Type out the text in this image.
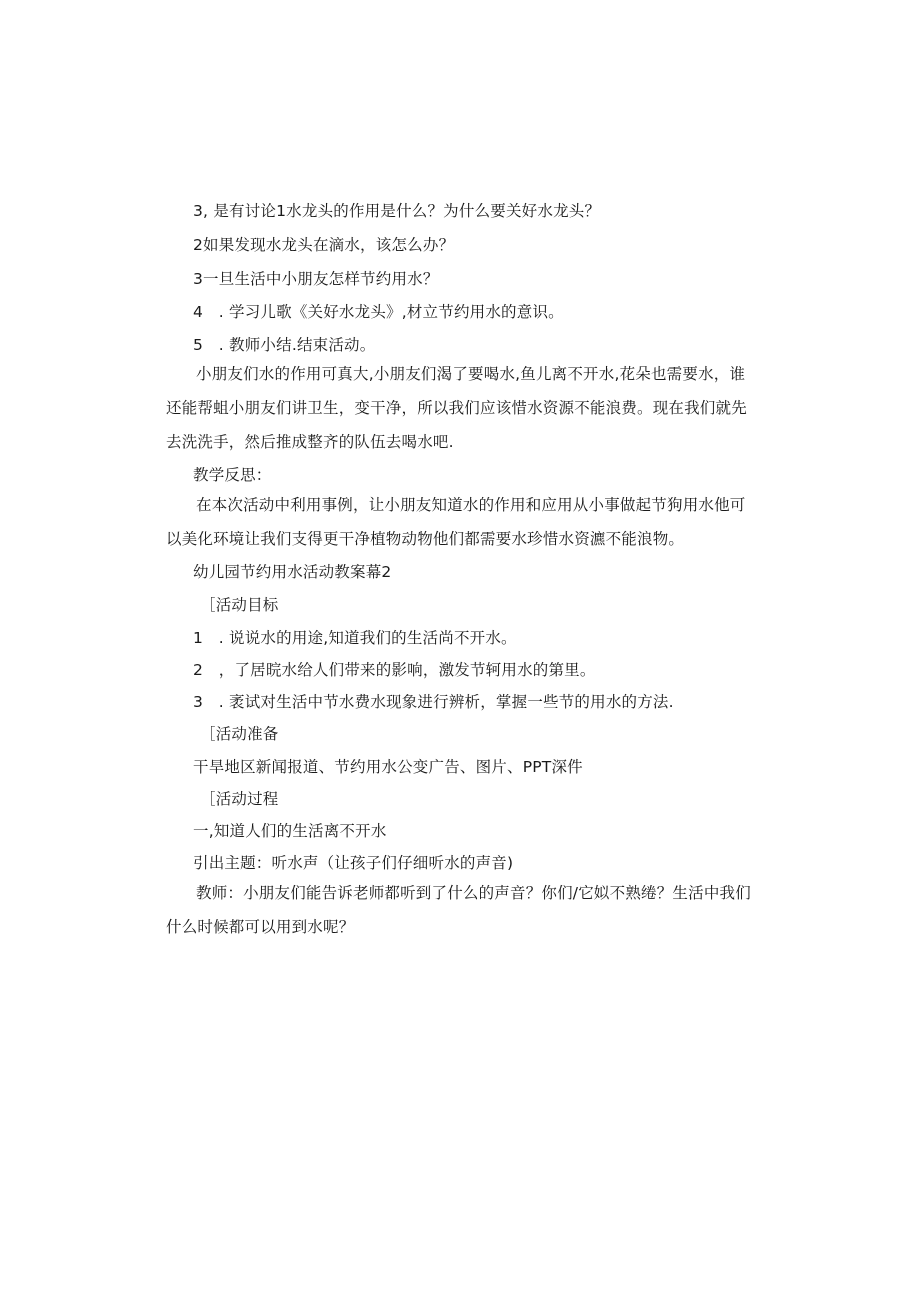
3, 是有讨论1水龙头的作用是什么？为什么要关好水龙头？
2如果发现水龙头在滴水，该怎么办？
3一旦生活中小朋友怎样节约用水？
4　. 学习儿歌《关好水龙头》,材立节约用水的意识。
5　. 教师小结.结束活动。
小朋友们水的作用可真大,小朋友们渴了要喝水,鱼儿离不开水,花朵也需要水，谁还能帮蛆小朋友们讲卫生，变干净，所以我们应该惜水资源不能浪费。现在我们就先去洗洗手，然后推成整齐的队伍去喝水吧.
教学反思：
在本次活动中利用事例，让小朋友知道水的作用和应用从小事做起节狗用水他可以美化环境让我们支得更干净植物动物他们都需要水珍惜水资瀌不能浪物。
幼儿园节约用水活动教案幕2
［活动目标
1　. 说说水的用途,知道我们的生活尚不开水。
2　，了居晥水给人们带来的影响，激发节轲用水的第里。
3　. 袤试对生活中节水费水现象进行辨析，掌握一些节的用水的方法.
［活动准备
干旱地区新闻报道、节约用水公变广告、图片、PPT深件
［活动过程
一,知道人们的生活离不开水
引出主题：听水声（让孩子们仔细听水的声音)
教师：小朋友们能告诉老师都听到了什么的声音？你们/它姒不熟绻？生活中我们什么时候都可以用到水呢？
